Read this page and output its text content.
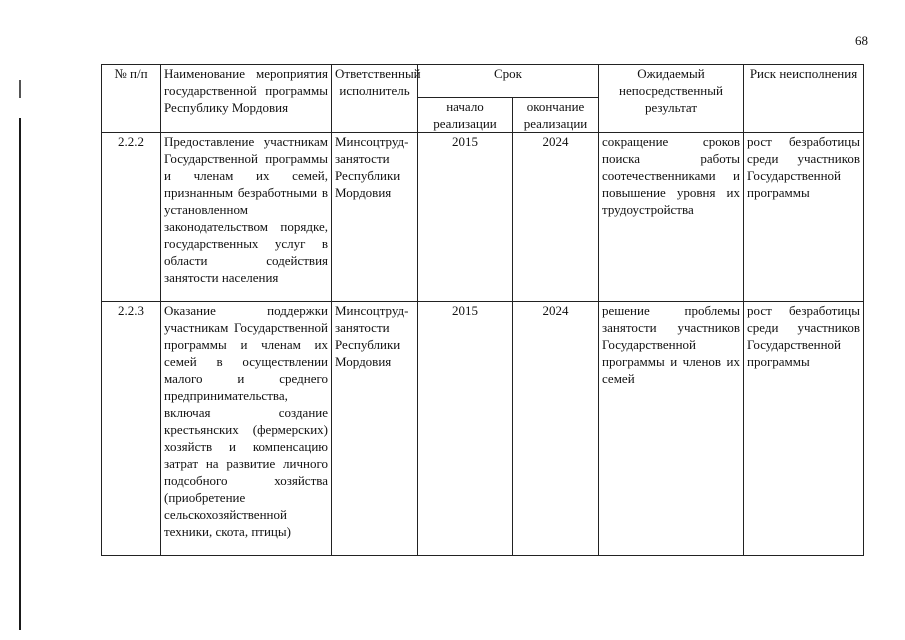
68
№ п/п	Наименование мероприятия государственной программы Республику Мордовия	Ответственный исполнитель	Срок		Ожидаемый непосредственный результат	Риск неисполнения
			начало реализации	окончание реализации		
2.2.2	Предоставление участникам Государственной программы и членам их семей, признанным безработными в установленном законодательством порядке, государственных услуг в области содействия занятости населения	Минсоцтруд-занятости Республики Мордовия	2015	2024	сокращение сроков поиска работы соотечественниками и повышение уровня их трудоустройства	рост безработицы среди участников Государственной программы
2.2.3	Оказание поддержки участникам Государственной программы и членам их семей в осуществлении малого и среднего предпринимательства, включая создание крестьянских (фермерских) хозяйств и компенсацию затрат на развитие личного подсобного хозяйства (приобретение сельскохозяйственной техники, скота, птицы)	Минсоцтруд-занятости Республики Мордовия	2015	2024	решение проблемы занятости участников Государственной программы и членов их семей	рост безработицы среди участников Государственной программы
